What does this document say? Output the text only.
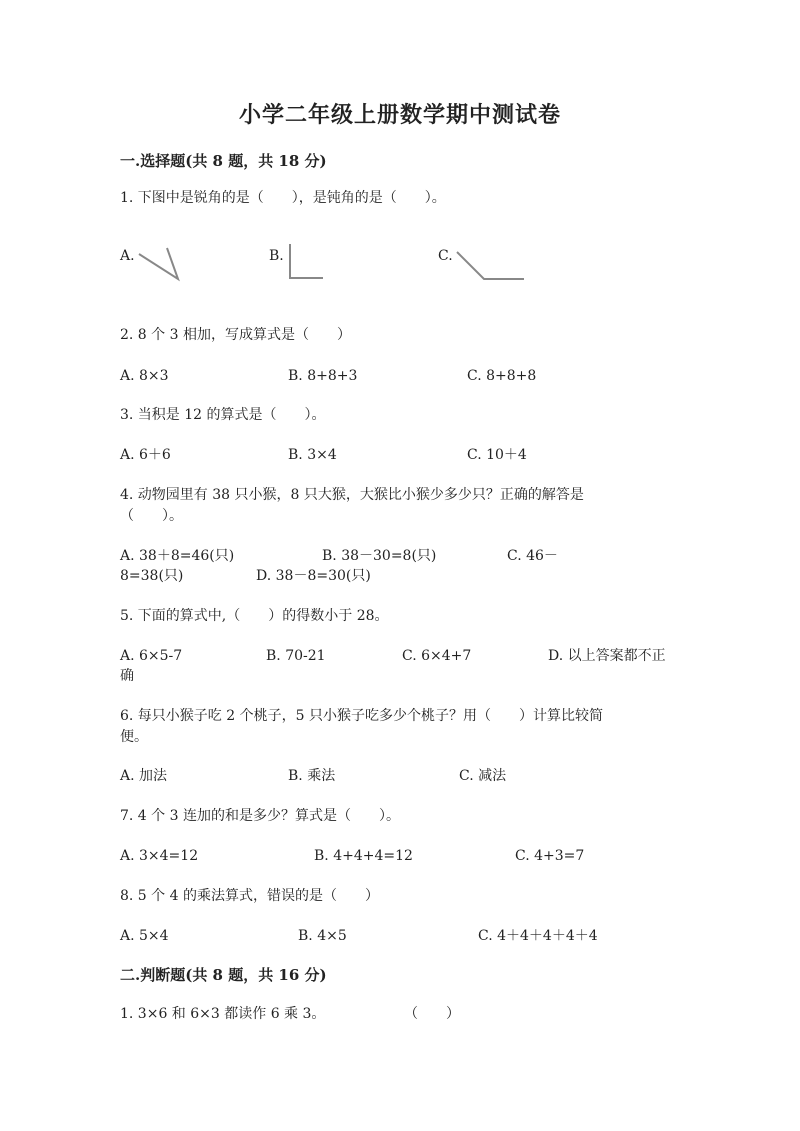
小学二年级上册数学期中测试卷
一.选择题(共 8 题，共 18 分)
1. 下图中是锐角的是（　　），是钝角的是（　　）。
A.	B.	C.
2. 8 个 3 相加，写成算式是（　　）
A. 8×3	B. 8+8+3	C. 8+8+8
3. 当积是 12 的算式是（　　）。
A. 6＋6	B. 3×4	C. 10＋4
4. 动物园里有 38 只小猴，8 只大猴，大猴比小猴少多少只？正确的解答是
（　　）。
A. 38＋8=46(只)	B. 38－30=8(只)	C. 46－
8=38(只)	D. 38－8=30(只)
5. 下面的算式中,（　　）的得数小于 28。
A. 6×5-7	B. 70-21	C. 6×4+7	D. 以上答案都不正
确
6. 每只小猴子吃 2 个桃子，5 只小猴子吃多少个桃子？用（　　）计算比较简
便。
A. 加法	B. 乘法	C. 减法
7. 4 个 3 连加的和是多少？算式是（　　）。
A. 3×4=12	B. 4+4+4=12	C. 4+3=7
8. 5 个 4 的乘法算式，错误的是（　　）
A. 5×4	B. 4×5	C. 4＋4＋4＋4＋4
二.判断题(共 8 题，共 16 分)
1. 3×6 和 6×3 都读作 6 乘 3。	（　　）
